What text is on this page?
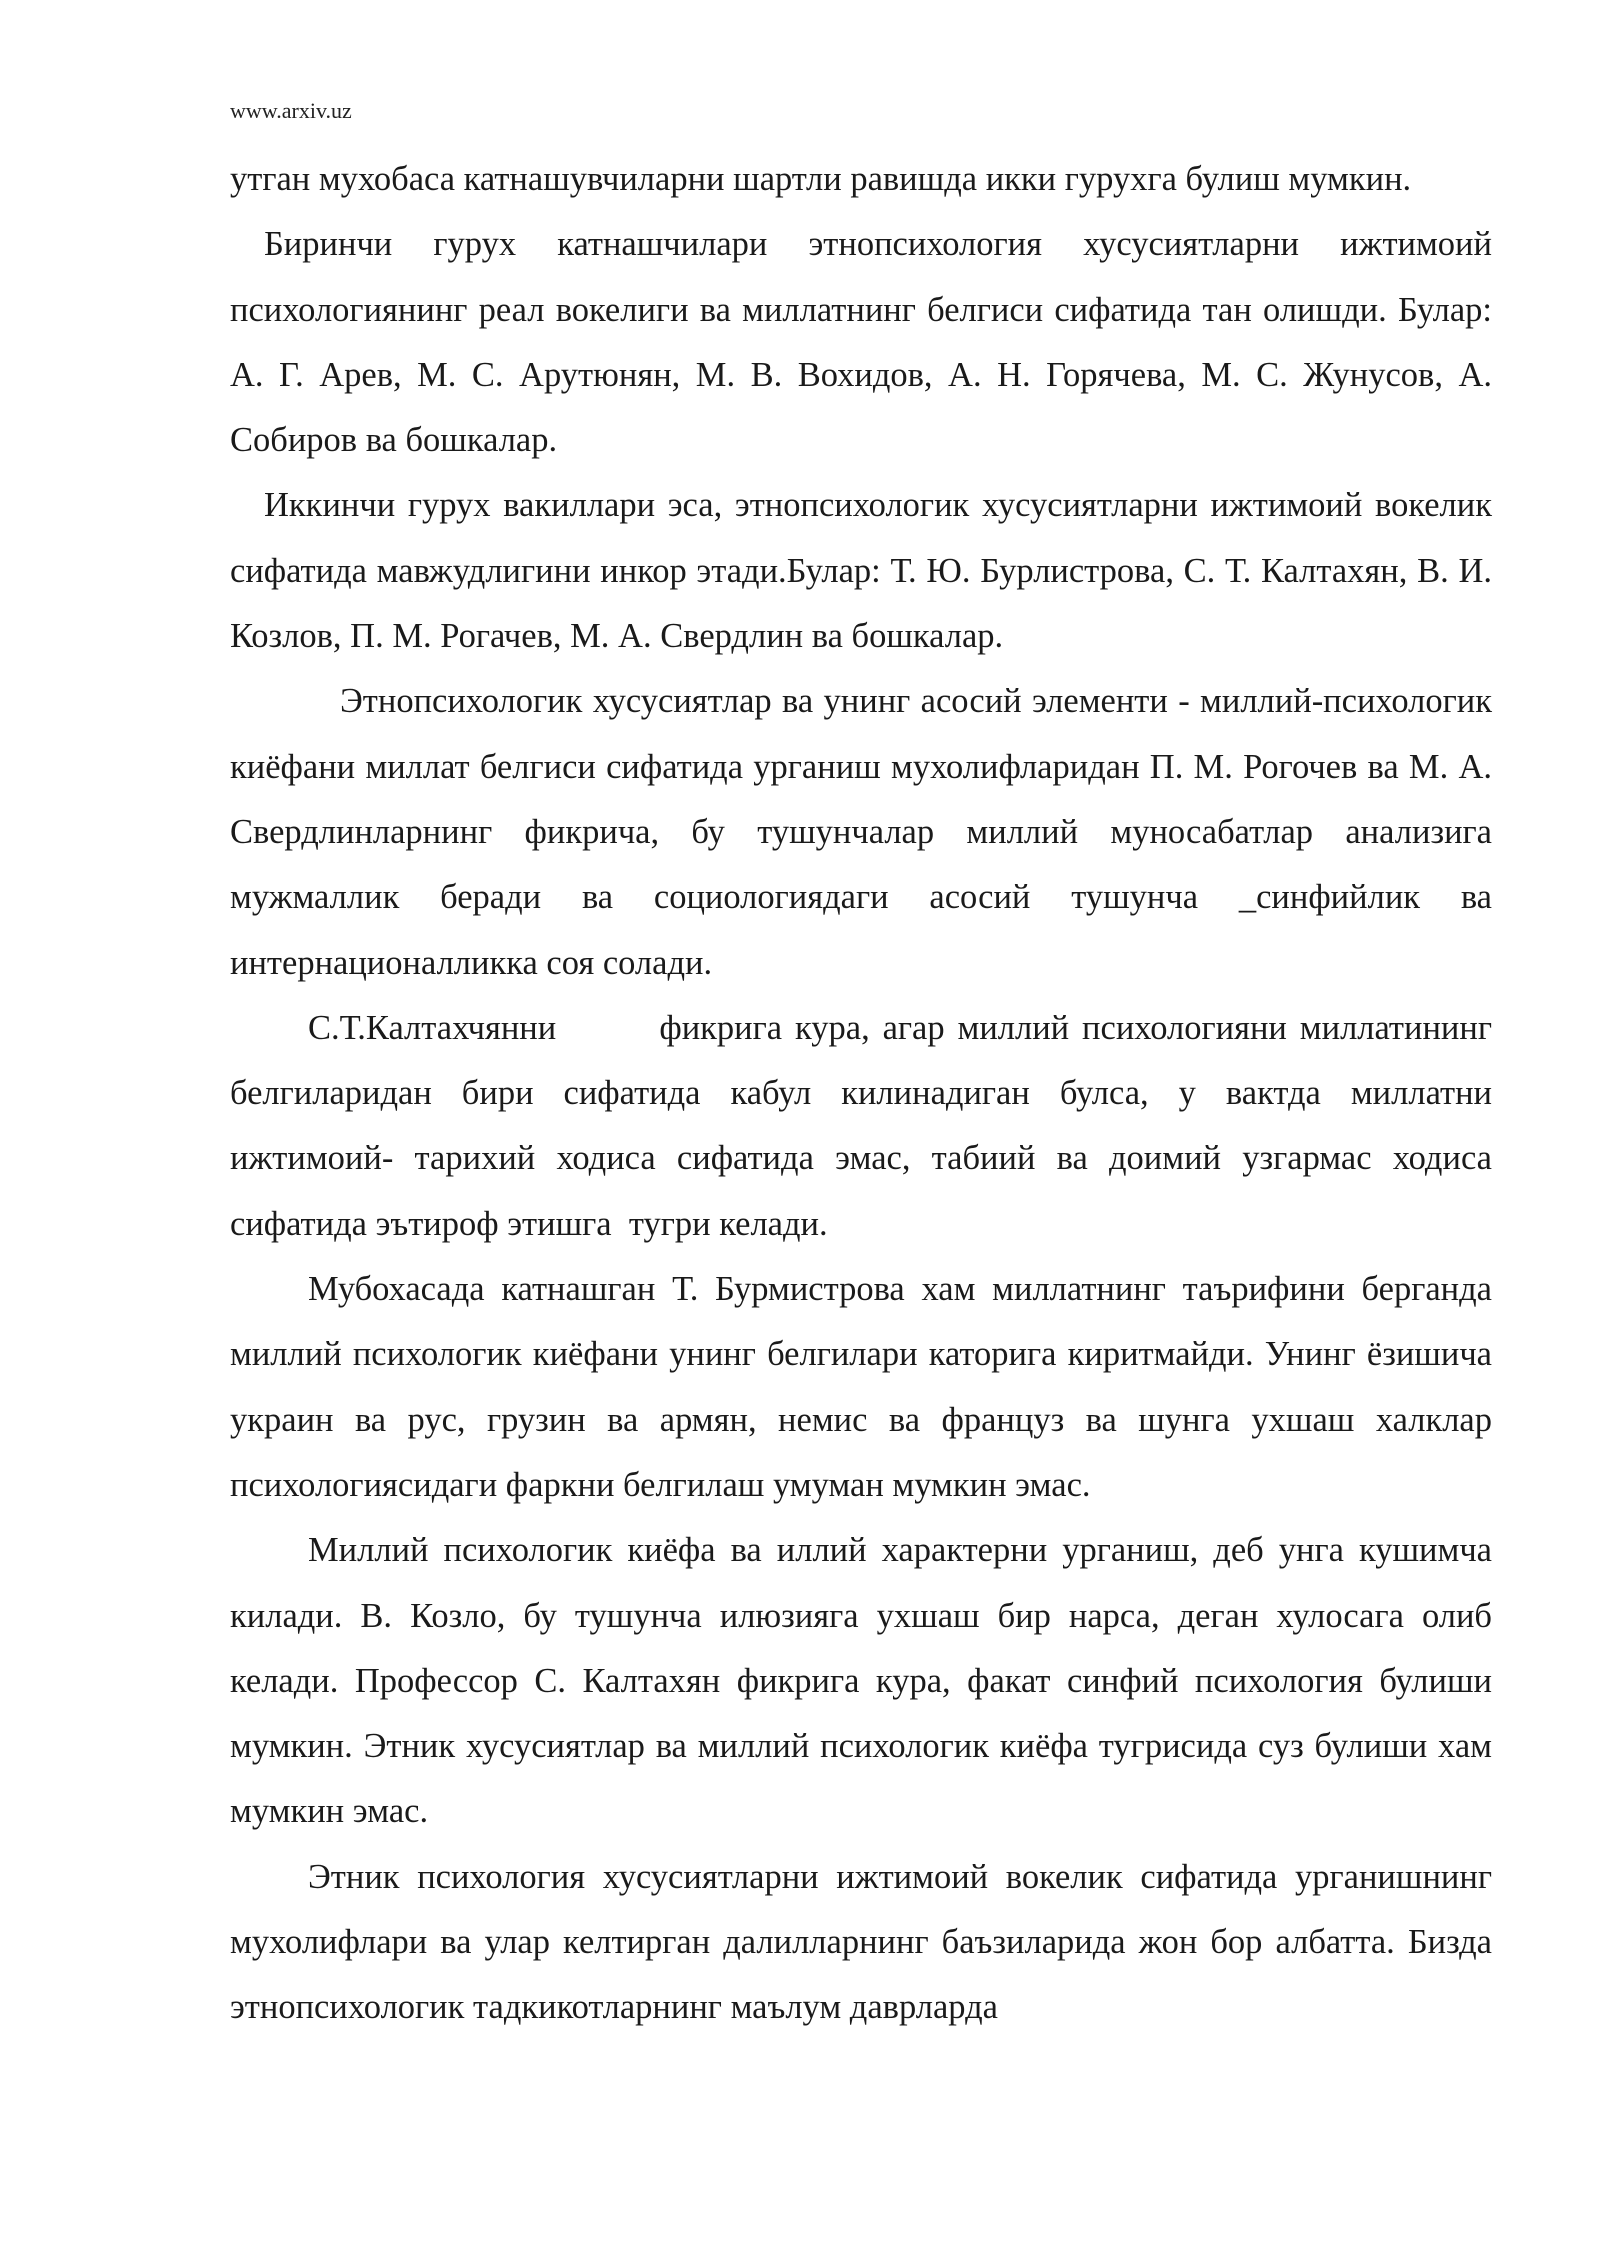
www.arxiv.uz

утган мухобаса катнашувчиларни шартли равишда икки гурухга булиш мумкин.

Биринчи гурух катнашчилари этнопсихология хусусиятларни ижтимоий психологиянинг реал вокелиги ва миллатнинг белгиси сифатида тан олишди. Булар: А. Г. Арев, М. С. Арутюнян, М. В. Вохидов, А. Н. Горячева, М. С. Жунусов, А. Собиров ва бошкалар.

Иккинчи гурух вакиллари эса, этнопсихологик хусусиятларни ижтимоий вокелик сифатида мавжудлигини инкор этади.Булар: Т. Ю. Бурлистрова, С. Т. Калтахян, В. И. Козлов, П. М. Рогачев, М. А. Свердлин ва бошкалар.

Этнопсихологик хусусиятлар ва унинг асосий элементи - миллий-психологик киёфани миллат белгиси сифатида урганиш мухолифларидан П. М. Рогочев ва М. А. Свердлинларнинг фикрича, бу тушунчалар миллий муносабатлар анализига мужмаллик беради ва социологиядаги асосий тушунча _синфийлик ва интернационалликка соя солади.

С.Т.Калтахчянни        фикрига кура, агар миллий психологияни миллатининг белгиларидан бири сифатида кабул килинадиган булса, у вактда миллатни ижтимоий- тарихий ходиса сифатида эмас, табиий ва доимий узгармас ходиса сифатида эътироф этишга  тугри келади.

Мубохасада катнашган Т. Бурмистрова хам миллатнинг таърифини берганда миллий психологик киёфани унинг белгилари каторига киритмайди. Унинг ёзишича украин ва рус, грузин ва армян, немис ва француз ва шунга ухшаш халклар психологиясидаги фаркни белгилаш умуман мумкин эмас.

Миллий психологик киёфа ва иллий характерни урганиш, деб унга кушимча килади. В. Козло, бу тушунча илюзияга ухшаш бир нарса, деган хулосага олиб келади. Профессор С. Калтахян фикрига кура, факат синфий психология булиши мумкин. Этник хусусиятлар ва миллий психологик киёфа тугрисида суз булиши хам мумкин эмас.

Этник психология хусусиятларни ижтимоий вокелик сифатида урганишнинг мухолифлари ва улар келтирган далилларнинг баъзиларида жон бор албатта. Бизда этнопсихологик тадкикотларнинг маълум даврларда
